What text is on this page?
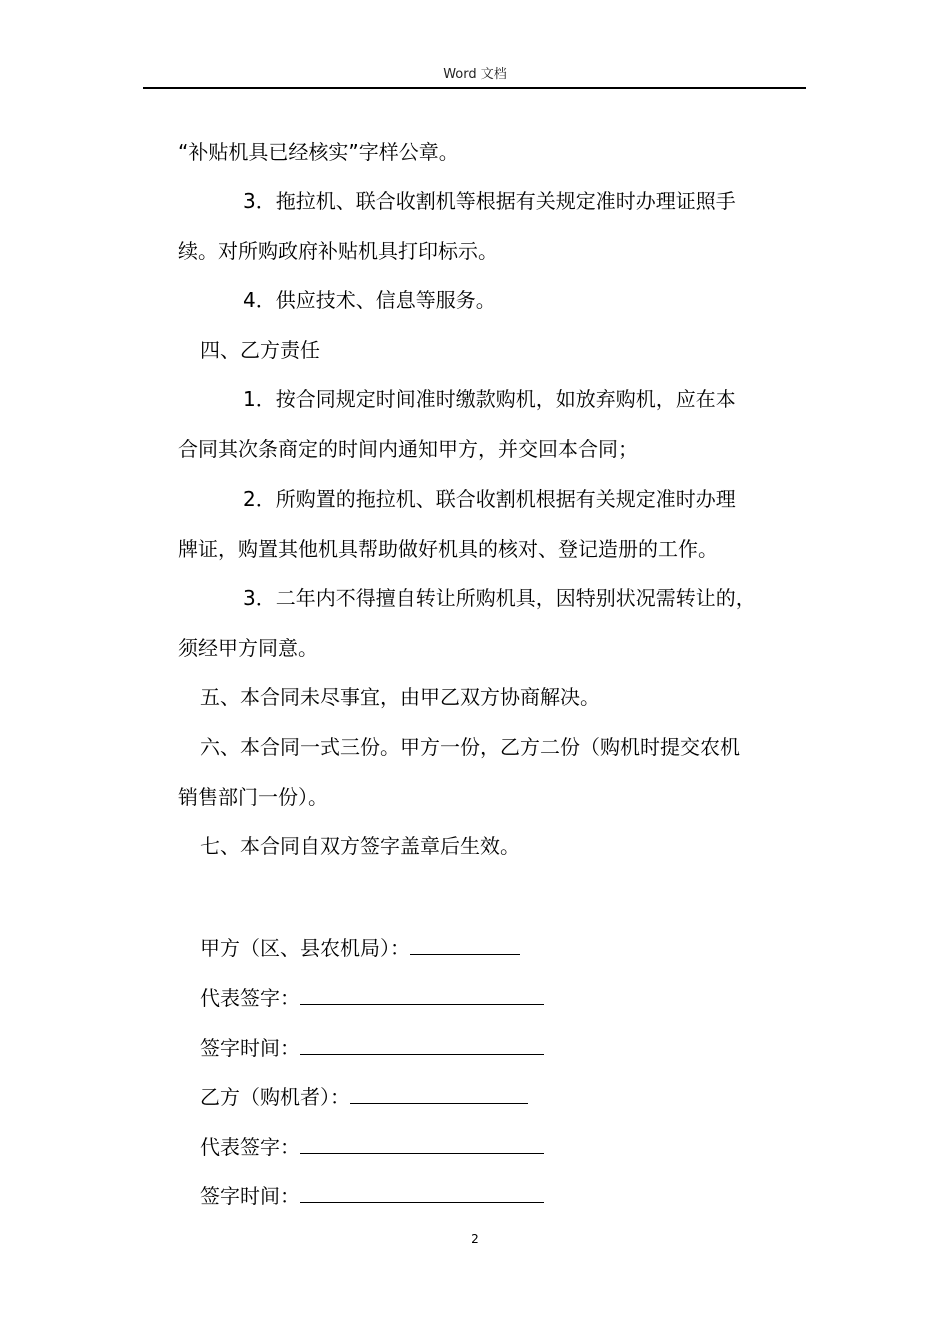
Word 文档
“补贴机具已经核实”字样公章。
3．拖拉机、联合收割机等根据有关规定准时办理证照手
续。对所购政府补贴机具打印标示。
4．供应技术、信息等服务。
四、乙方责任
1．按合同规定时间准时缴款购机，如放弃购机，应在本
合同其次条商定的时间内通知甲方，并交回本合同；
2．所购置的拖拉机、联合收割机根据有关规定准时办理
牌证，购置其他机具帮助做好机具的核对、登记造册的工作。
3．二年内不得擅自转让所购机具，因特别状况需转让的，
须经甲方同意。
五、本合同未尽事宜，由甲乙双方协商解决。
六、本合同一式三份。甲方一份，乙方二份（购机时提交农机
销售部门一份）。
七、本合同自双方签字盖章后生效。
甲方（区、县农机局）：
代表签字：
签字时间：
乙方（购机者）：
代表签字：
签字时间：
2
